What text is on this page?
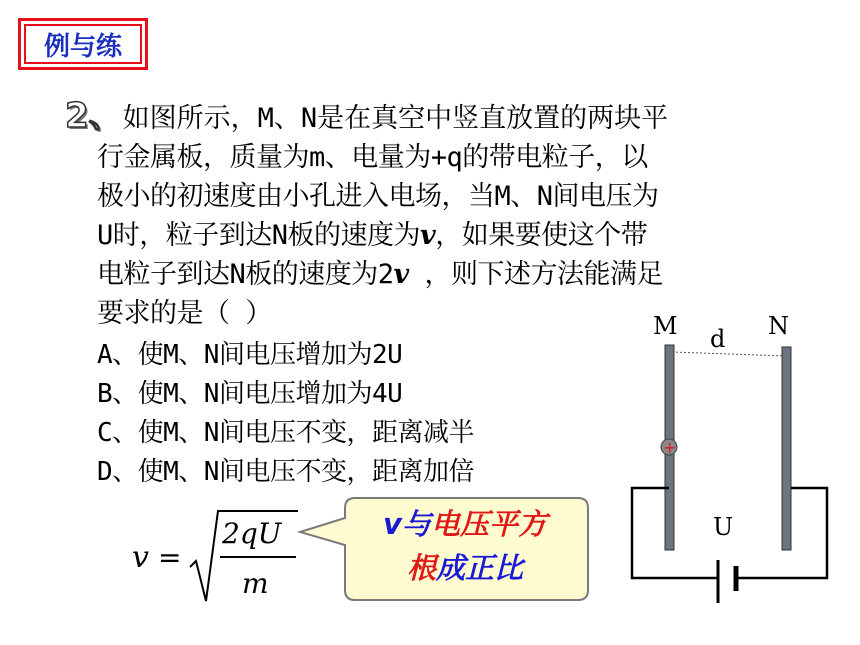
例与练
2、如图所示，M、N是在真空中竖直放置的两块平
行金属板，质量为m、电量为+q的带电粒子，以
极小的初速度由小孔进入电场，当M、N间电压为
U时，粒子到达N板的速度为v，如果要使这个带
电粒子到达N板的速度为2v ，则下述方法能满足
要求的是（ ）
A、使M、N间电压增加为2U
B、使M、N间电压增加为4U
C、使M、N间电压不变，距离减半
D、使M、N间电压不变，距离加倍
v =
2qU
m
v与电压平方
根成正比
M	N
d
+
U
